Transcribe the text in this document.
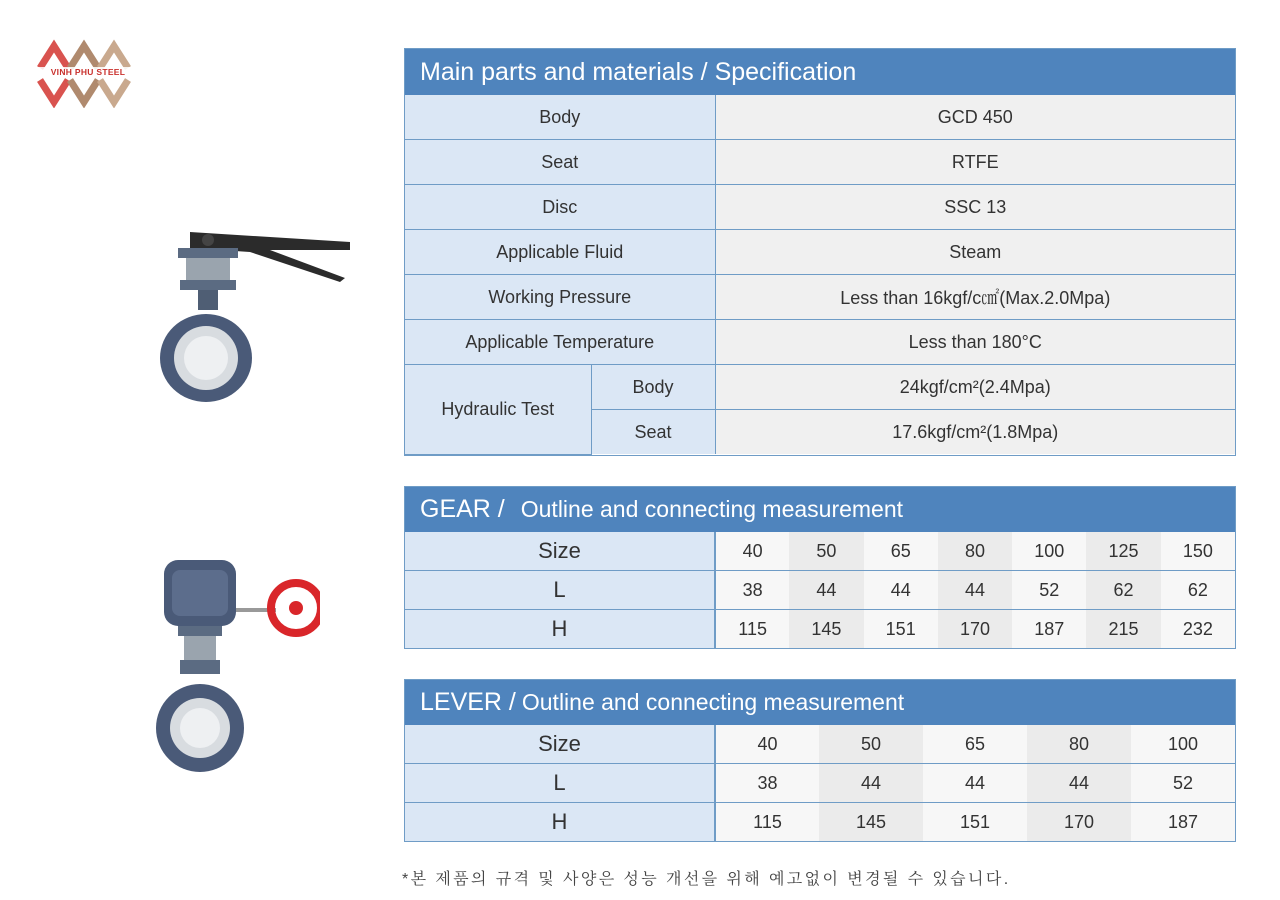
VINH PHU STEEL	Main parts and materials / Specification
Body		GCD 450
Seat		RTFE
Disc		SSC 13
Applicable Fluid		Steam
Working Pressure		Less than 16kgf/c㎠(Max.2.0Mpa)
Applicable Temperature		Less than 180°C
Hydraulic Test	Body	24kgf/cm²(2.4Mpa)
	Seat	17.6kgf/cm²(1.8Mpa)
GEAR / Outline and connecting measurement
Size	40	50	65	80	100	125	150
L	38	44	44	44	52	62	62
H	115	145	151	170	187	215	232
LEVER / Outline and connecting measurement
Size	40	50	65	80	100
L	38	44	44	44	52
H	115	145	151	170	187
*본 제품의 규격 및 사양은 성능 개선을 위해 예고없이 변경될 수 있습니다.
